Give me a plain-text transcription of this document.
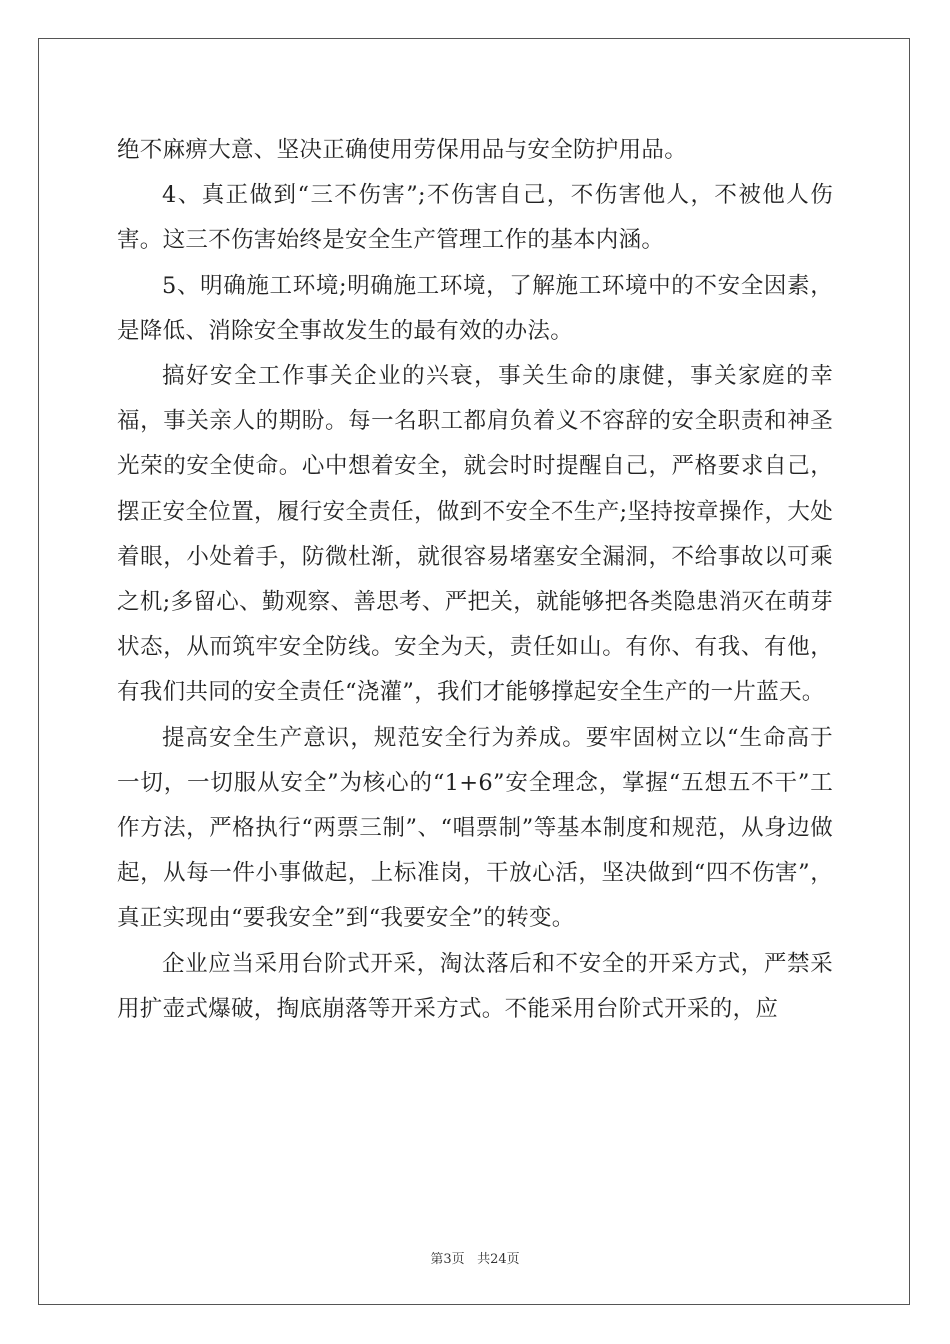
绝不麻痹大意、坚决正确使用劳保用品与安全防护用品。

4、真正做到“三不伤害”;不伤害自己，不伤害他人，不被他人伤害。这三不伤害始终是安全生产管理工作的基本内涵。

5、明确施工环境;明确施工环境，了解施工环境中的不安全因素，是降低、消除安全事故发生的最有效的办法。

搞好安全工作事关企业的兴衰，事关生命的康健，事关家庭的幸福，事关亲人的期盼。每一名职工都肩负着义不容辞的安全职责和神圣光荣的安全使命。心中想着安全，就会时时提醒自己，严格要求自己，摆正安全位置，履行安全责任，做到不安全不生产;坚持按章操作，大处着眼，小处着手，防微杜渐，就很容易堵塞安全漏洞，不给事故以可乘之机;多留心、勤观察、善思考、严把关，就能够把各类隐患消灭在萌芽状态，从而筑牢安全防线。安全为天，责任如山。有你、有我、有他，有我们共同的安全责任“浇灌”，我们才能够撑起安全生产的一片蓝天。

提高安全生产意识，规范安全行为养成。要牢固树立以“生命高于一切，一切服从安全”为核心的“1+6”安全理念，掌握“五想五不干”工作方法，严格执行“两票三制”、“唱票制”等基本制度和规范，从身边做起，从每一件小事做起，上标准岗，干放心活，坚决做到“四不伤害”，真正实现由“要我安全”到“我要安全”的转变。

企业应当采用台阶式开采，淘汰落后和不安全的开采方式，严禁采用扩壶式爆破，掏底崩落等开采方式。不能采用台阶式开采的，应

第3页 共24页
